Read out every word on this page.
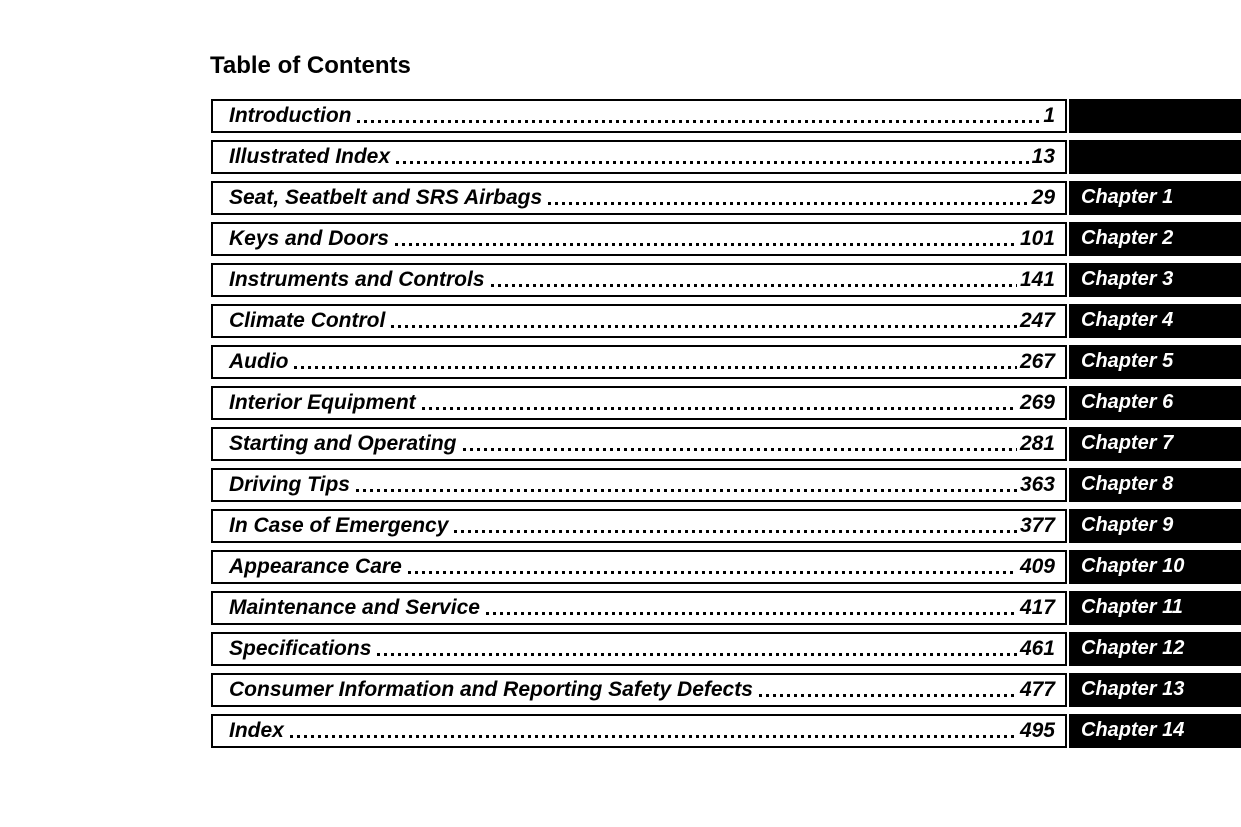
Table of Contents
Introduction	1
Illustrated Index	13
Seat, Seatbelt and SRS Airbags	29 Chapter 1
Keys and Doors	101 Chapter 2
Instruments and Controls	141 Chapter 3
Climate Control	247 Chapter 4
Audio	267 Chapter 5
Interior Equipment	269 Chapter 6
Starting and Operating	281 Chapter 7
Driving Tips	363 Chapter 8
In Case of Emergency	377 Chapter 9
Appearance Care	409 Chapter 10
Maintenance and Service	417 Chapter 11
Specifications	461 Chapter 12
Consumer Information and Reporting Safety Defects	477 Chapter 13
Index	495 Chapter 14
